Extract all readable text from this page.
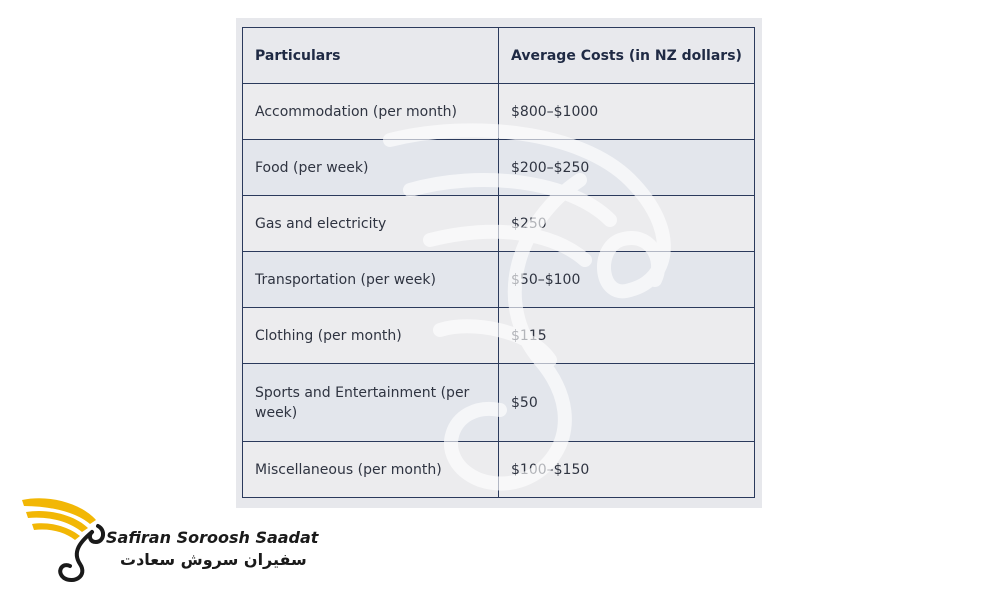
Particulars	Average Costs (in NZ dollars)
Accommodation (per month)	$800–$1000
Food (per week)	$200–$250
Gas and electricity	$250
Transportation (per week)	$50–$100
Clothing (per month)	$115
Sports and Entertainment (per week)	$50
Miscellaneous (per month)	$100–$150
Safiran Soroosh Saadat
سفیران سروش سعادت
